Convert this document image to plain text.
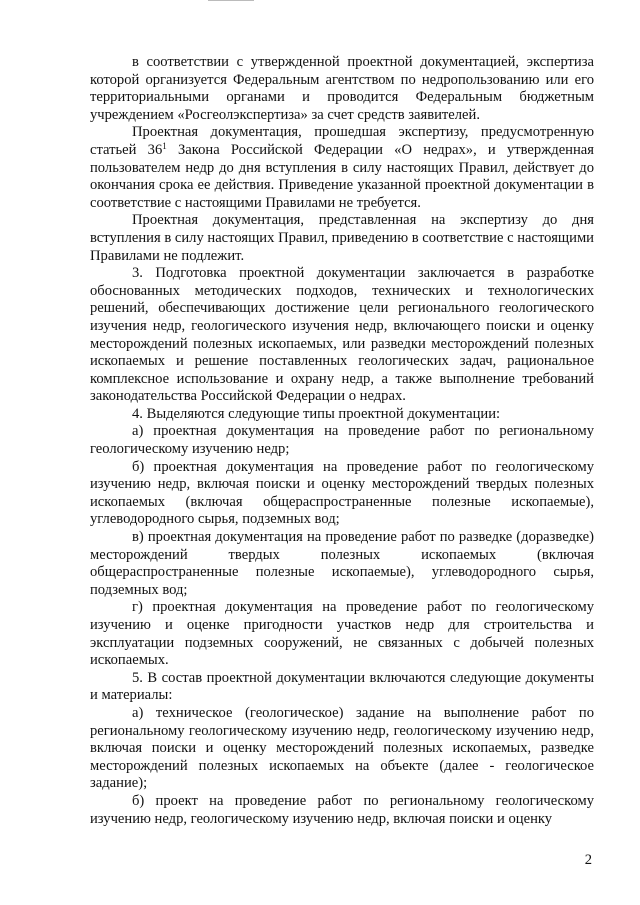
в соответствии с утвержденной проектной документацией, экспертиза которой организуется Федеральным агентством по недропользованию или его территориальными органами и проводится Федеральным бюджетным учреждением «Росгеолэкспертиза» за счет средств заявителей.

Проектная документация, прошедшая экспертизу, предусмотренную статьей $36^1$ Закона Российской Федерации «О недрах», и утвержденная пользователем недр до дня вступления в силу настоящих Правил, действует до окончания срока ее действия. Приведение указанной проектной документации в соответствие с настоящими Правилами не требуется.

Проектная документация, представленная на экспертизу до дня вступления в силу настоящих Правил, приведению в соответствие с настоящими Правилами не подлежит.

3. Подготовка проектной документации заключается в разработке обоснованных методических подходов, технических и технологических решений, обеспечивающих достижение цели регионального геологического изучения недр, геологического изучения недр, включающего поиски и оценку месторождений полезных ископаемых, или разведки месторождений полезных ископаемых и решение поставленных геологических задач, рациональное комплексное использование и охрану недр, а также выполнение требований законодательства Российской Федерации о недрах.

4. Выделяются следующие типы проектной документации:

а) проектная документация на проведение работ по региональному геологическому изучению недр;

б) проектная документация на проведение работ по геологическому изучению недр, включая поиски и оценку месторождений твердых полезных ископаемых (включая общераспространенные полезные ископаемые), углеводородного сырья, подземных вод;

в) проектная документация на проведение работ по разведке (доразведке) месторождений твердых полезных ископаемых (включая общераспространенные полезные ископаемые), углеводородного сырья, подземных вод;

г) проектная документация на проведение работ по геологическому изучению и оценке пригодности участков недр для строительства и эксплуатации подземных сооружений, не связанных с добычей полезных ископаемых.

5. В состав проектной документации включаются следующие документы и материалы:

а) техническое (геологическое) задание на выполнение работ по региональному геологическому изучению недр, геологическому изучению недр, включая поиски и оценку месторождений полезных ископаемых, разведке месторождений полезных ископаемых на объекте (далее - геологическое задание);

б) проект на проведение работ по региональному геологическому изучению недр, геологическому изучению недр, включая поиски и оценку

2
